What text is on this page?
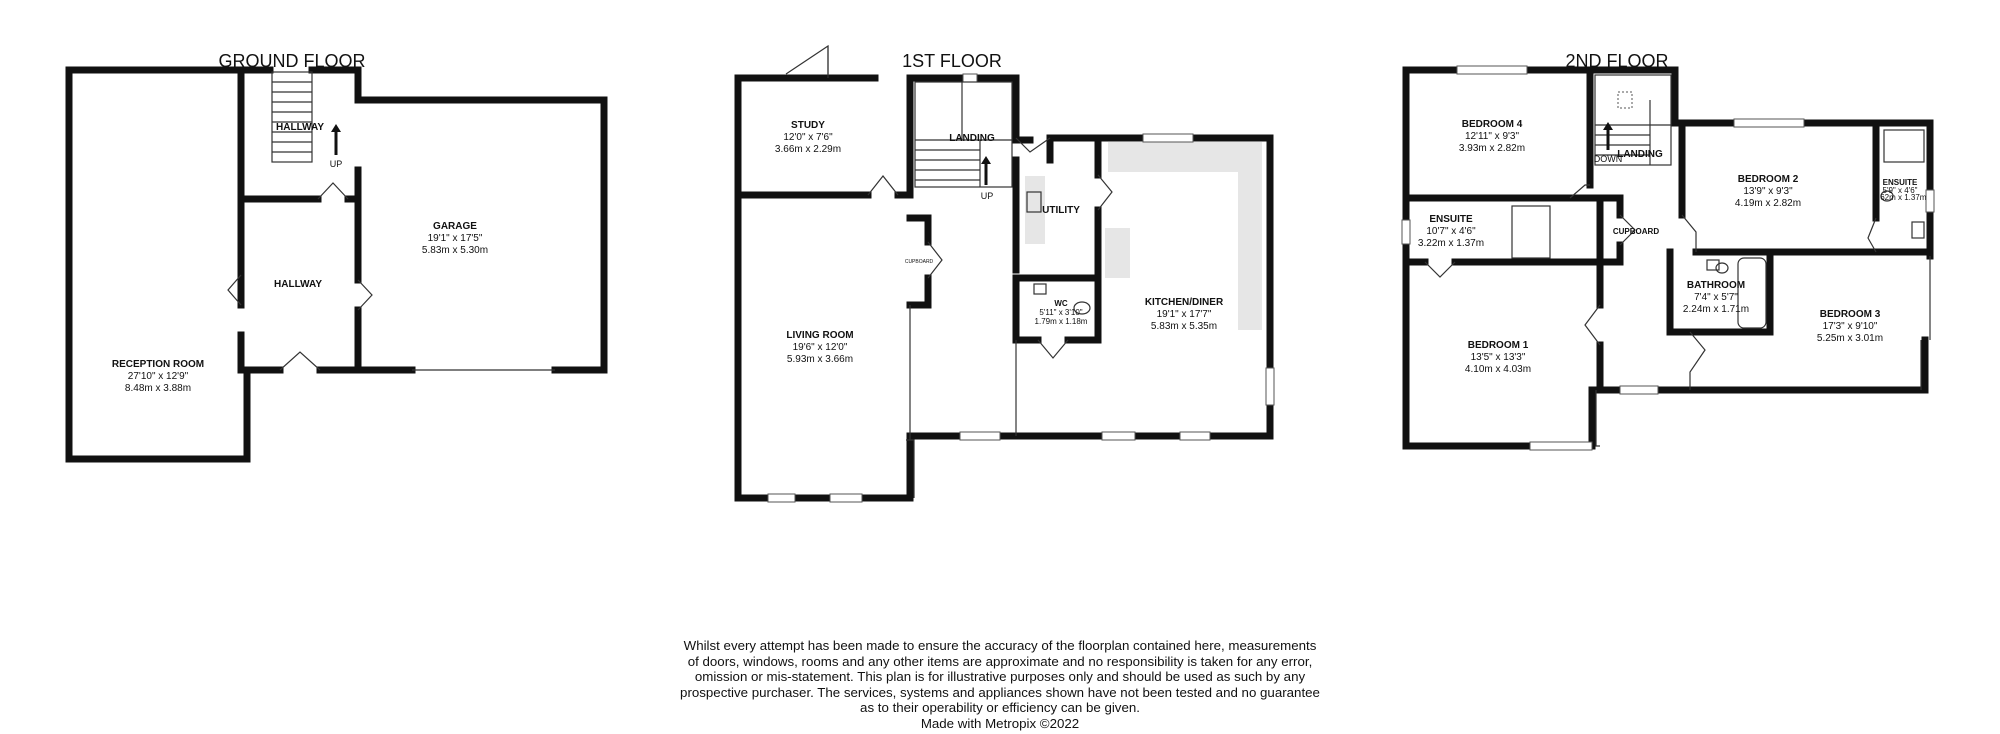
GROUND FLOOR
UP
HALLWAY
HALLWAY
RECEPTION ROOM
27'10" x 12'9"
8.48m x 3.88m
GARAGE
19'1" x 17'5"
5.83m x 5.30m
1ST FLOOR
UP
CUPBOARD
STUDY
12'0" x 7'6"
3.66m x 2.29m
LANDING
UTILITY
WC
5'11" x 3'10"
1.79m x 1.18m
LIVING ROOM
19'6" x 12'0"
5.93m x 3.66m
KITCHEN/DINER
19'1" x 17'7"
5.83m x 5.35m
2ND FLOOR
DOWN
BEDROOM 4
12'11" x 9'3"
3.93m x 2.82m
LANDING
ENSUITE
10'7" x 4'6"
3.22m x 1.37m
CUPBOARD
BEDROOM 2
13'9" x 9'3"
4.19m x 2.82m
ENSUITE
5'9" x 4'6"
1.62m x 1.37m
BATHROOM
7'4" x 5'7"
2.24m x 1.71m
BEDROOM 1
13'5" x 13'3"
4.10m x 4.03m
BEDROOM 3
17'3" x 9'10"
5.25m x 3.01m

Whilst every attempt has been made to ensure the accuracy of the floorplan contained here, measurements

of doors, windows, rooms and any other items are approximate and no responsibility is taken for any error,

omission or mis-statement. This plan is for illustrative purposes only and should be used as such by any

prospective purchaser. The services, systems and appliances shown have not been tested and no guarantee

as to their operability or efficiency can be given.

Made with Metropix ©2022
